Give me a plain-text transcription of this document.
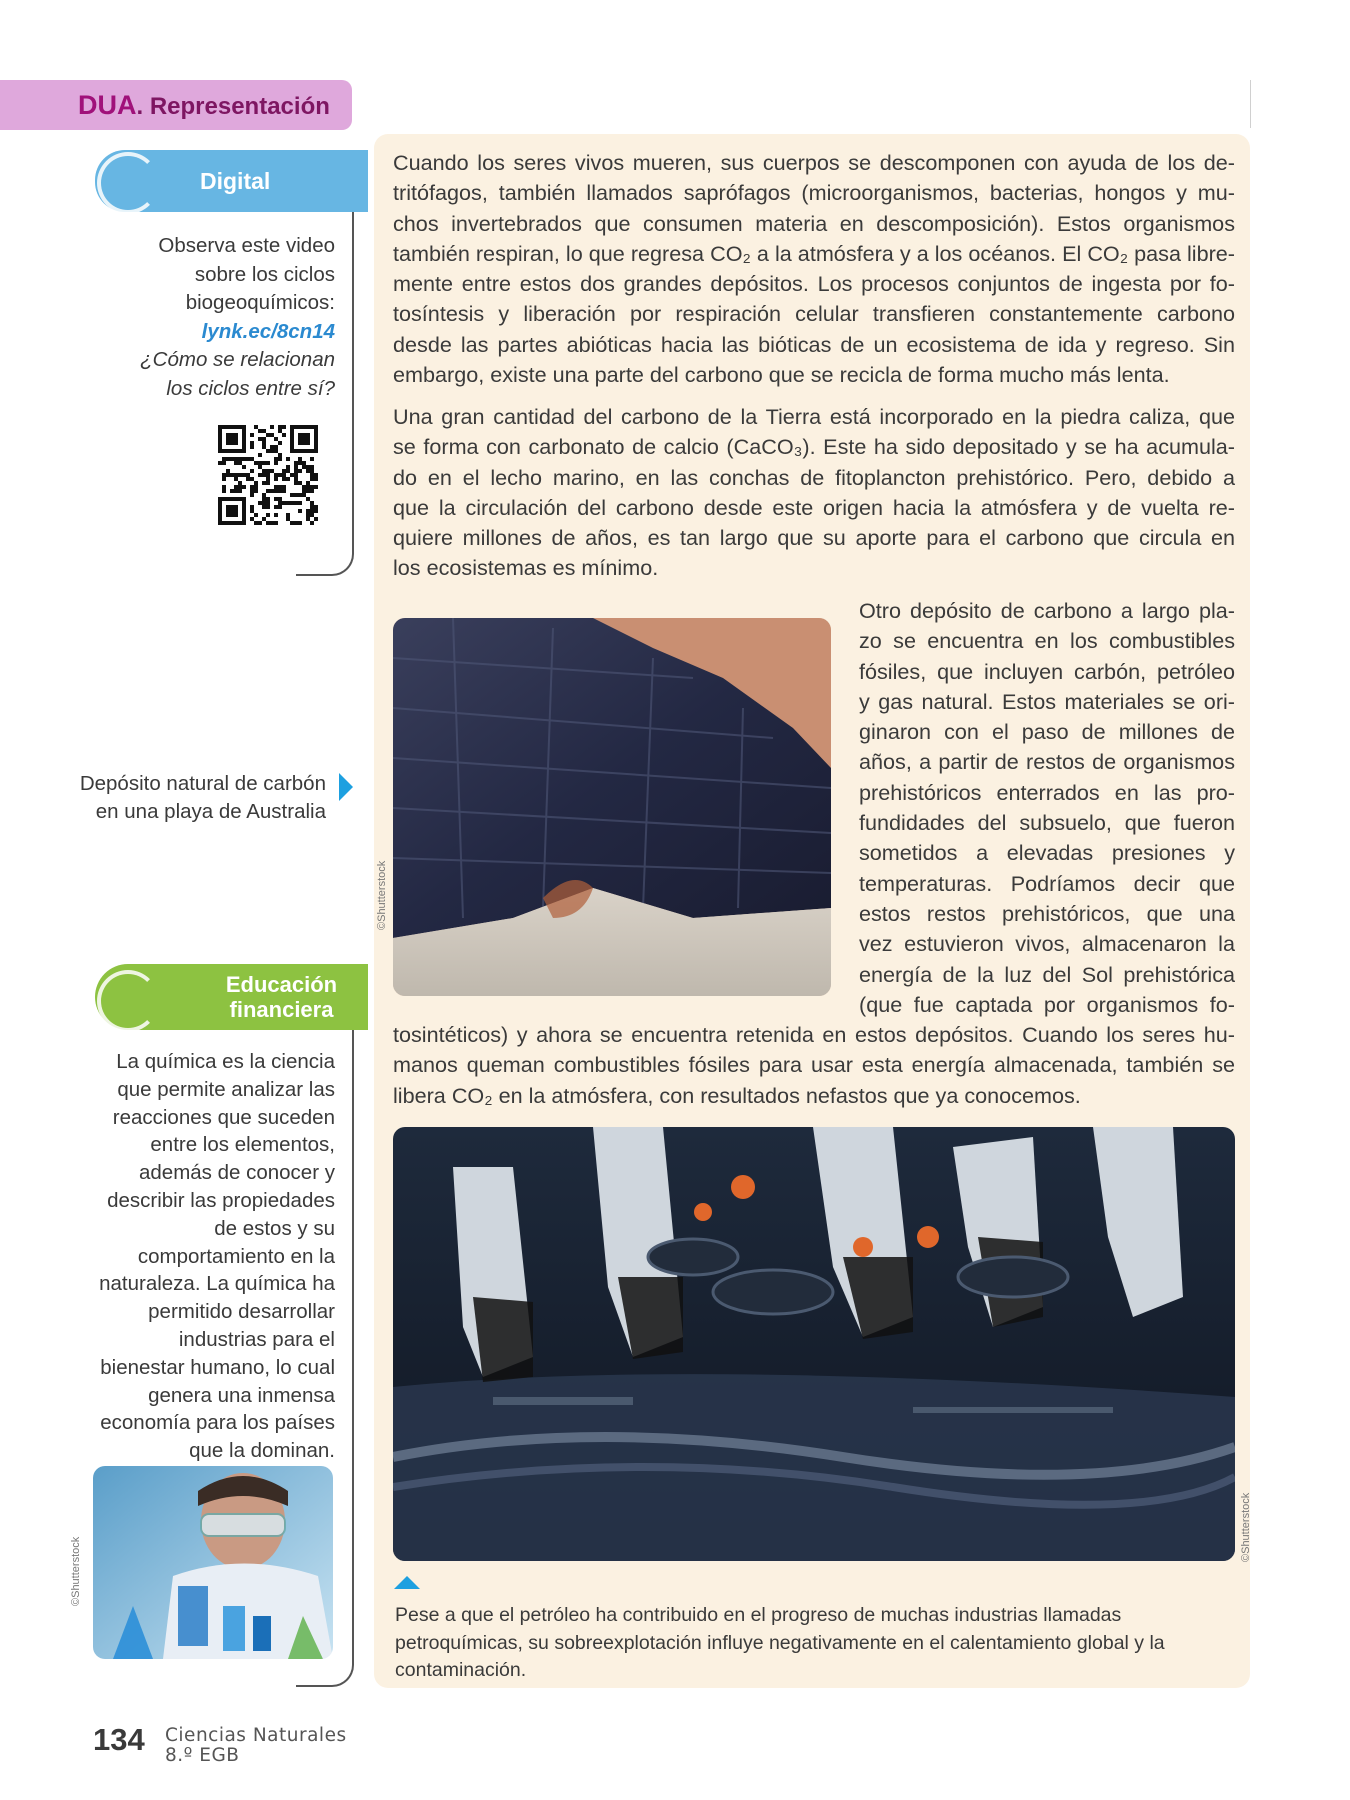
DUA. Representación
Cuando los seres vivos mueren, sus cuerpos se descomponen con ayuda de los de-
tritófagos, también llamados saprófagos (microorganismos, bacterias, hongos y mu-
chos invertebrados que consumen materia en descomposición). Estos organismos
también respiran, lo que regresa CO₂ a la atmósfera y a los océanos. El CO₂ pasa libre-
mente entre estos dos grandes depósitos. Los procesos conjuntos de ingesta por fo-
tosíntesis y liberación por respiración celular transfieren constantemente carbono
desde las partes abióticas hacia las bióticas de un ecosistema de ida y regreso. Sin
embargo, existe una parte del carbono que se recicla de forma mucho más lenta.
Una gran cantidad del carbono de la Tierra está incorporado en la piedra caliza, que
se forma con carbonato de calcio (CaCO₃). Este ha sido depositado y se ha acumula-
do en el lecho marino, en las conchas de fitoplancton prehistórico. Pero, debido a
que la circulación del carbono desde este origen hacia la atmósfera y de vuelta re-
quiere millones de años, es tan largo que su aporte para el carbono que circula en
los ecosistemas es mínimo.
Otro depósito de carbono a largo pla-
zo se encuentra en los combustibles
fósiles, que incluyen carbón, petróleo
y gas natural. Estos materiales se ori-
ginaron con el paso de millones de
años, a partir de restos de organismos
prehistóricos enterrados en las pro-
fundidades del subsuelo, que fueron
sometidos a elevadas presiones y
temperaturas. Podríamos decir que
estos restos prehistóricos, que una
vez estuvieron vivos, almacenaron la
energía de la luz del Sol prehistórica
(que fue captada por organismos fo-
tosintéticos) y ahora se encuentra retenida en estos depósitos. Cuando los seres hu-
manos queman combustibles fósiles para usar esta energía almacenada, también se
libera CO₂ en la atmósfera, con resultados nefastos que ya conocemos.
Digital
Observa este video
sobre los ciclos
biogeoquímicos:
lynk.ec/8cn14
¿Cómo se relacionan
los ciclos entre sí?
©Shutterstock
Depósito natural de carbón
en una playa de Australia
Educación
financiera
La química es la ciencia
que permite analizar las
reacciones que suceden
entre los elementos,
además de conocer y
describir las propiedades
de estos y su
comportamiento en la
naturaleza. La química ha
permitido desarrollar
industrias para el
bienestar humano, lo cual
genera una inmensa
economía para los países
que la dominan.
©Shutterstock
©Shutterstock
Pese a que el petróleo ha contribuido en el progreso de muchas industrias llamadas
petroquímicas, su sobreexplotación influye negativamente en el calentamiento global y la
contaminación.
134 Ciencias Naturales
8.º EGB
